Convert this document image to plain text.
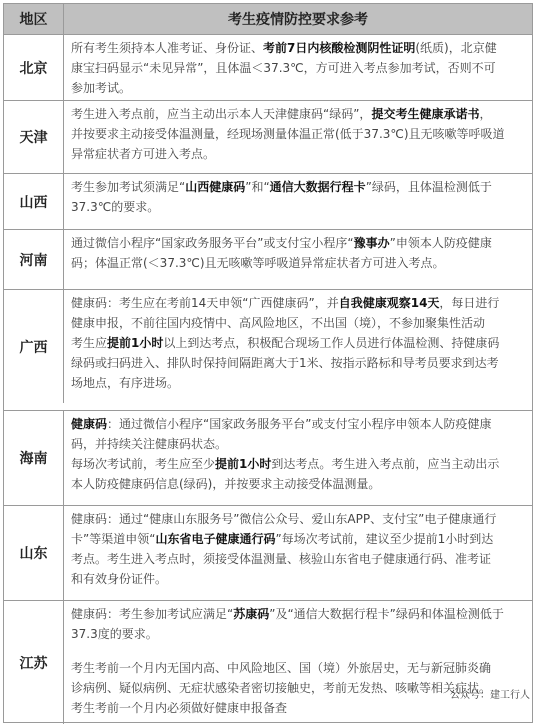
地区	考生疫情防控要求参考
北京

所有考生须持本人准考证、身份证、考前7日内核酸检测阴性证明(纸质)，北京健

康宝扫码显示“未见异常”，且体温＜37.3℃，方可进入考点参加考试，否则不可

参加考试。

天津

考生进入考点前，应当主动出示本人天津健康码“绿码”，提交考生健康承诺书，

并按要求主动接受体温测量，经现场测量体温正常(低于37.3℃)且无咳嗽等呼吸道

异常症状者方可进入考点。

山西

考生参加考试须满足“山西健康码”和“通信大数据行程卡”绿码，且体温检测低于

37.3℃的要求。

河南

通过微信小程序“国家政务服务平台”或支付宝小程序“豫事办”申领本人防疫健康

码；体温正常(＜37.3℃)且无咳嗽等呼吸道异常症状者方可进入考点。

广西

健康码：考生应在考前14天申领“广西健康码”，并自我健康观察14天，每日进行

健康申报，不前往国内疫情中、高风险地区，不出国（境），不参加聚集性活动

考生应提前1小时以上到达考点，积极配合现场工作人员进行体温检测、持健康码

绿码或扫码进入、排队时保持间隔距离大于1米、按指示路标和导考员要求到达考

场地点，有序进场。

海南

健康码：通过微信小程序“国家政务服务平台”或支付宝小程序申领本人防疫健康

码，并持续关注健康码状态。

每场次考试前，考生应至少提前1小时到达考点。考生进入考点前，应当主动出示

本人防疫健康码信息(绿码)，并按要求主动接受体温测量。

山东

健康码：通过“健康山东服务号”微信公众号、爱山东APP、支付宝”电子健康通行

卡”等渠道申领“山东省电子健康通行码”每场次考试前，建议至少提前1小时到达

考点。考生进入考点时，须接受体温测量、核验山东省电子健康通行码、准考证

和有效身份证件。

江苏

健康码：考生参加考试应满足“苏康码”及“通信大数据行程卡”绿码和体温检测低于

37.3度的要求。

考生考前一个月内无国内高、中风险地区、国（境）外旅居史，无与新冠肺炎确

诊病例、疑似病例、无症状感染者密切接触史，考前无发热、咳嗽等相关症状。

考生考前一个月内必须做好健康申报备查

公众号：建工行人
